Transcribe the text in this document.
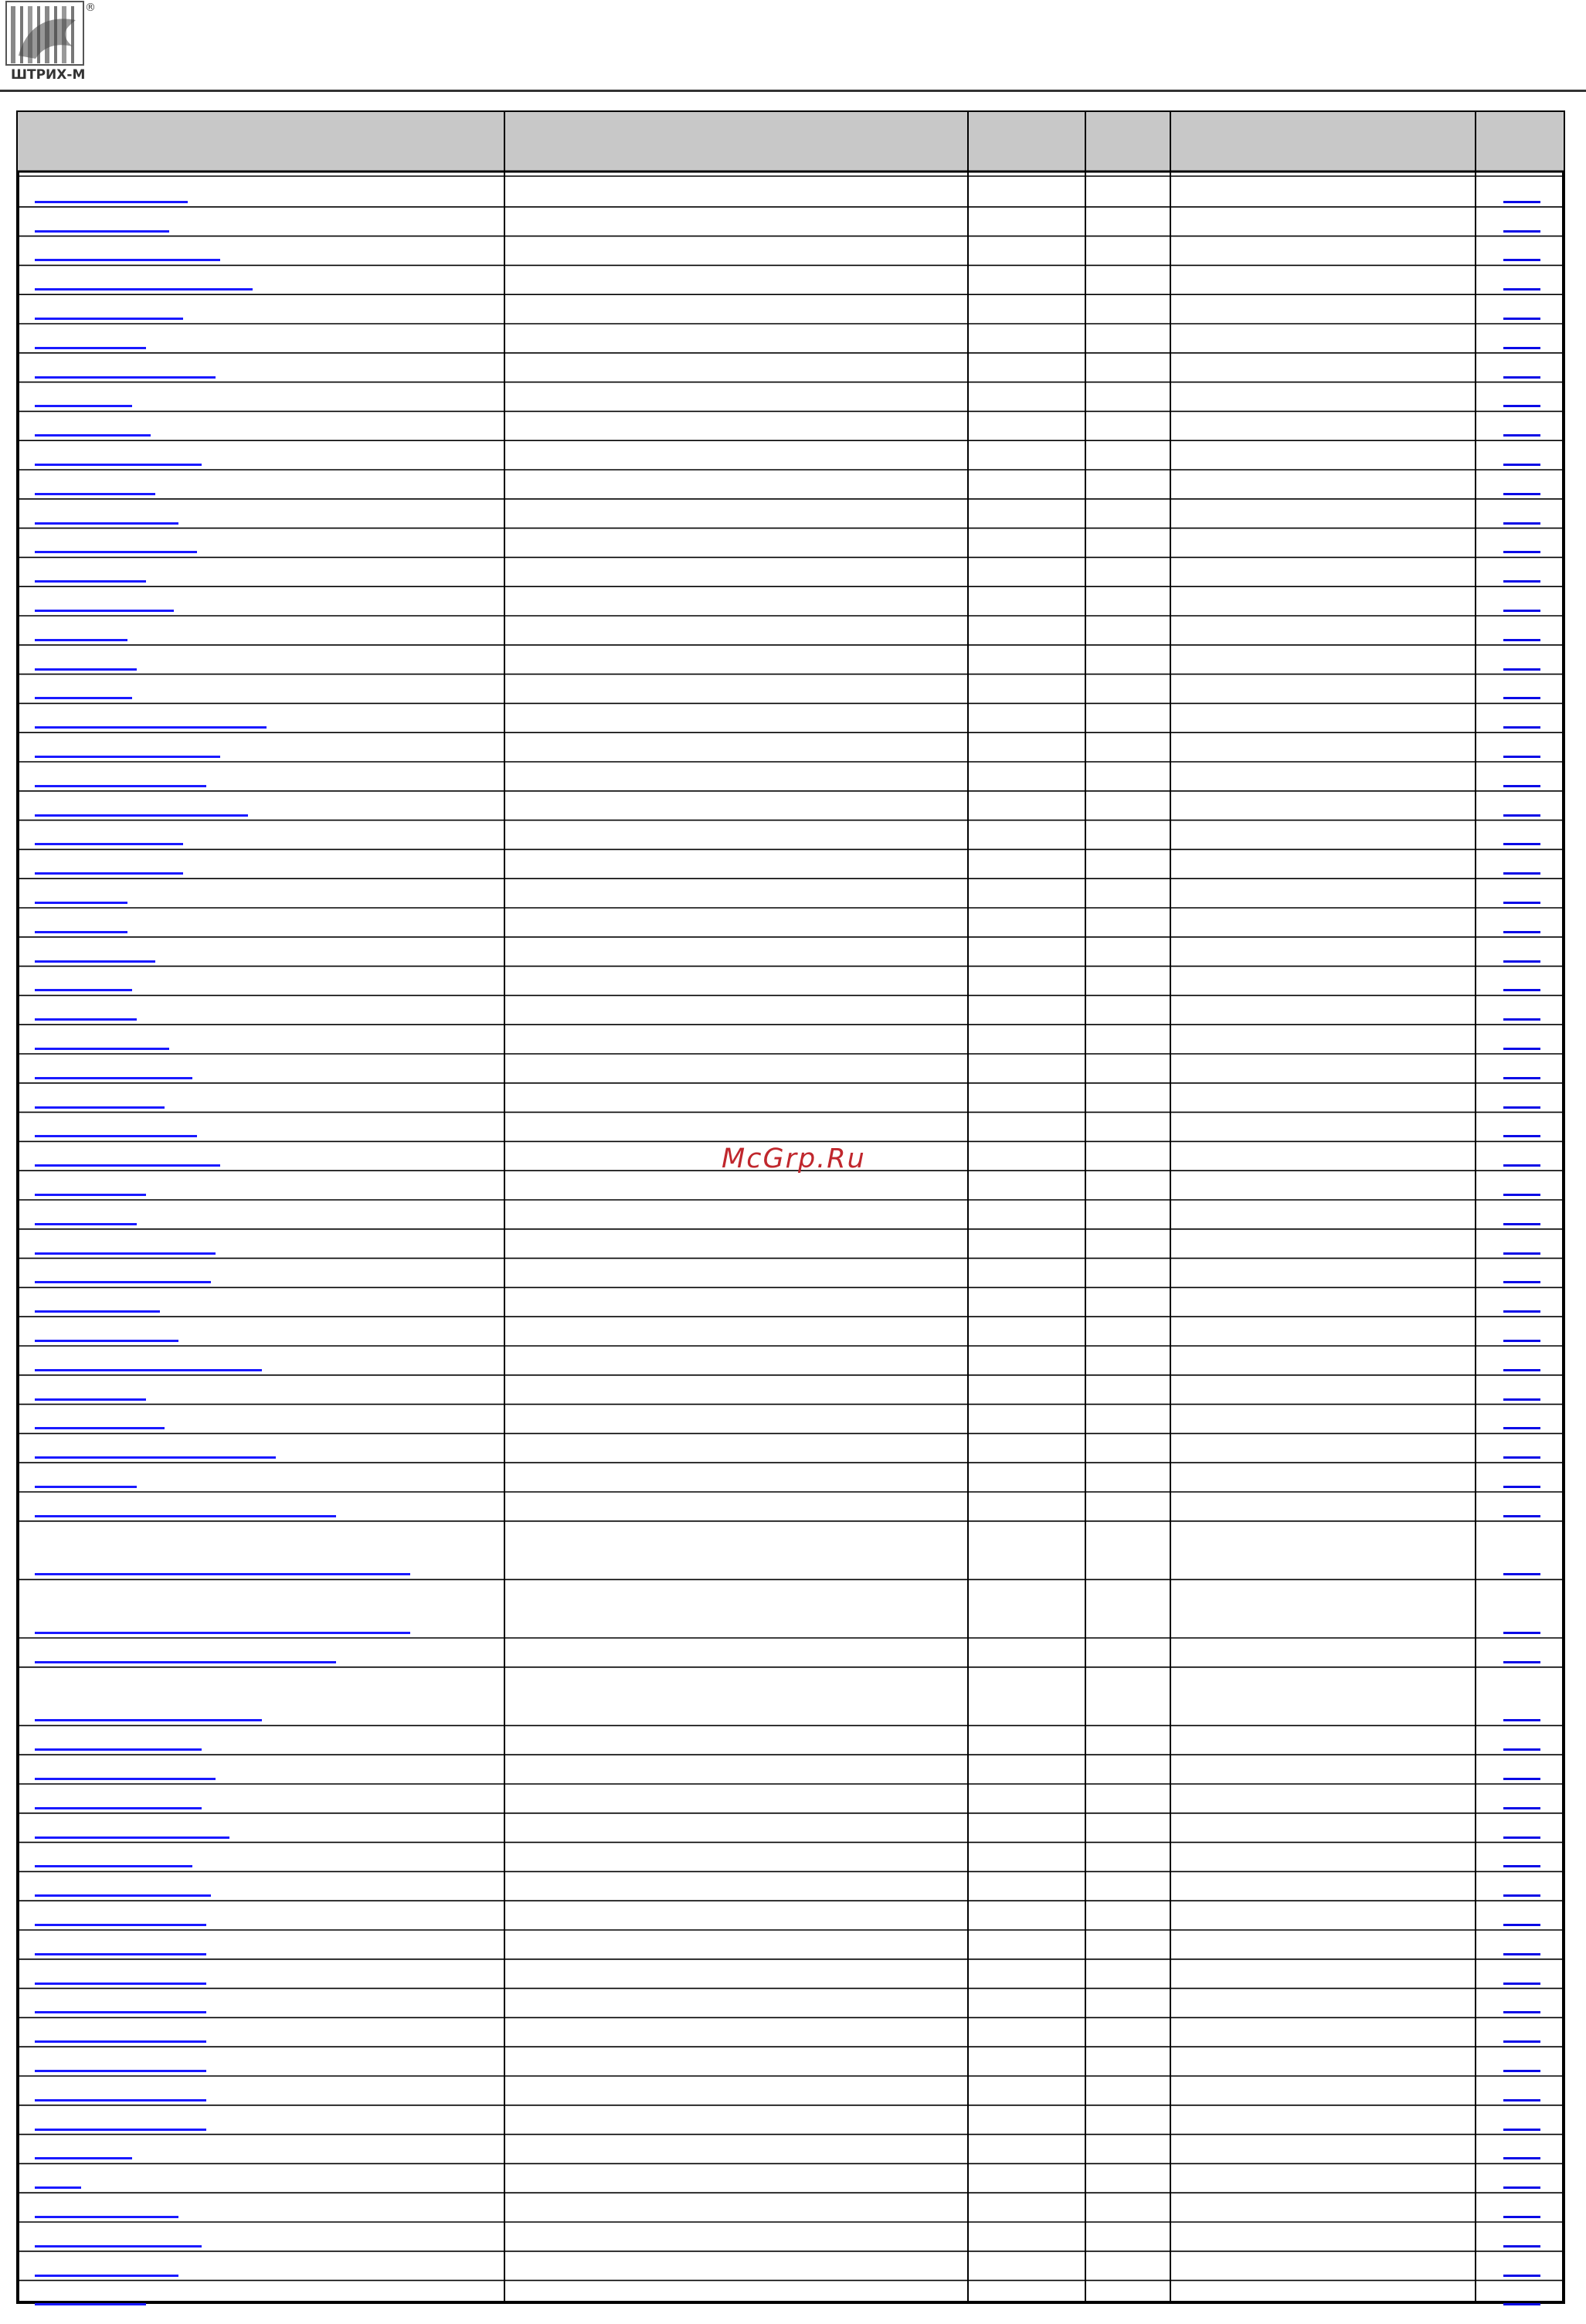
®
ШТРИХ-М
McGrp.Ru
